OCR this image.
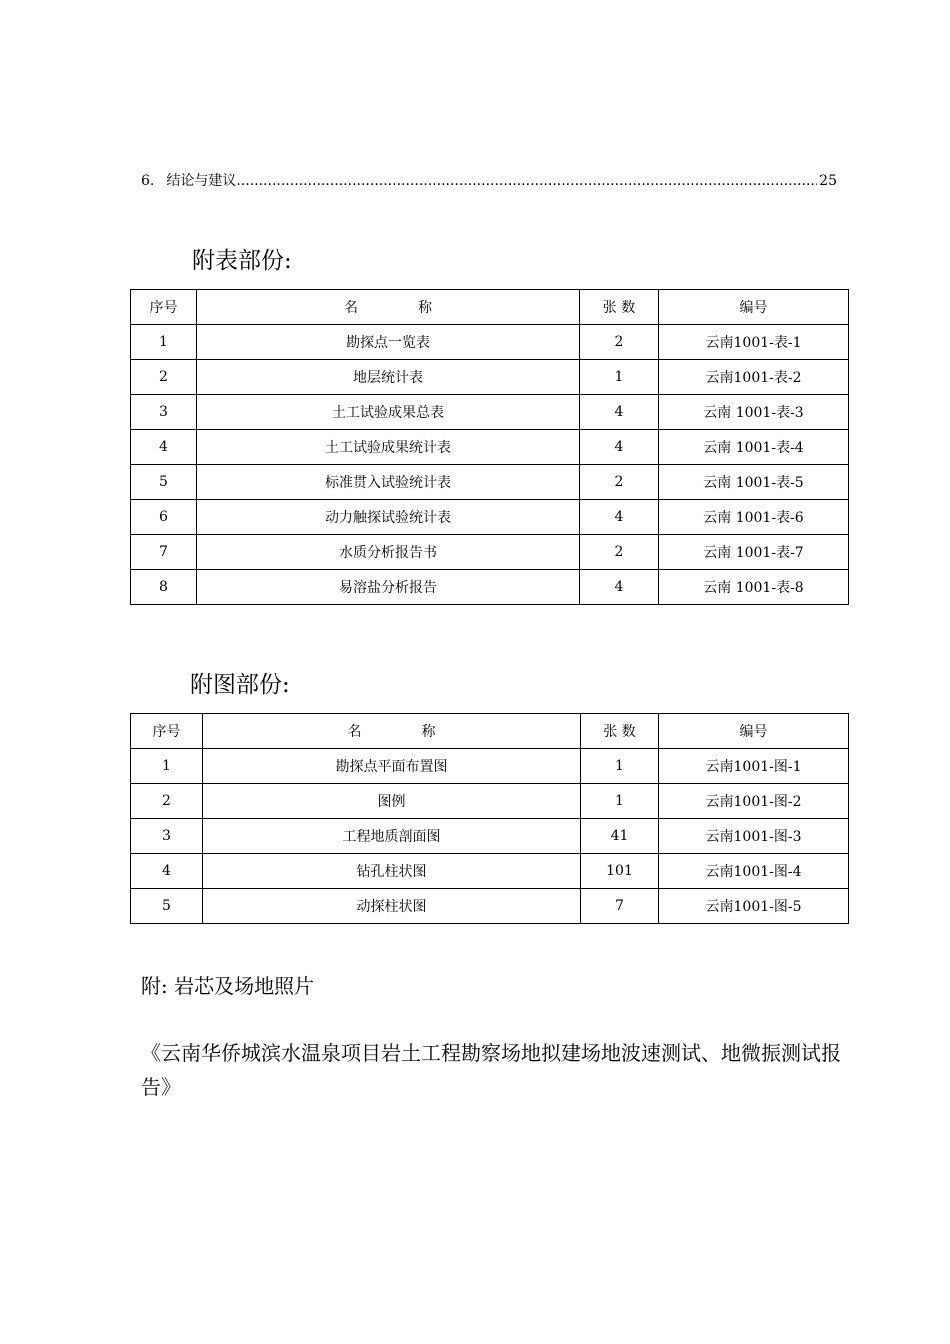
6. 结论与建议 .....	25
附表部份:
序号	名 称	张 数	编号
1	勘探点一览表	2	云南1001-表-1
2	地层统计表	1	云南1001-表-2
3	土工试验成果总表	4	云南 1001-表-3
4	土工试验成果统计表	4	云南 1001-表-4
5	标准贯入试验统计表	2	云南 1001-表-5
6	动力触探试验统计表	4	云南 1001-表-6
7	水质分析报告书	2	云南 1001-表-7
8	易溶盐分析报告	4	云南 1001-表-8
附图部份:
序号	名 称	张 数	编号
1	勘探点平面布置图	1	云南1001-图-1
2	图例	1	云南1001-图-2
3	工程地质剖面图	41	云南1001-图-3
4	钻孔柱状图	101	云南1001-图-4
5	动探柱状图	7	云南1001-图-5
附: 岩芯及场地照片
《云南华侨城滨水温泉项目岩土工程勘察场地拟建场地波速测试、地微振测试报告》
